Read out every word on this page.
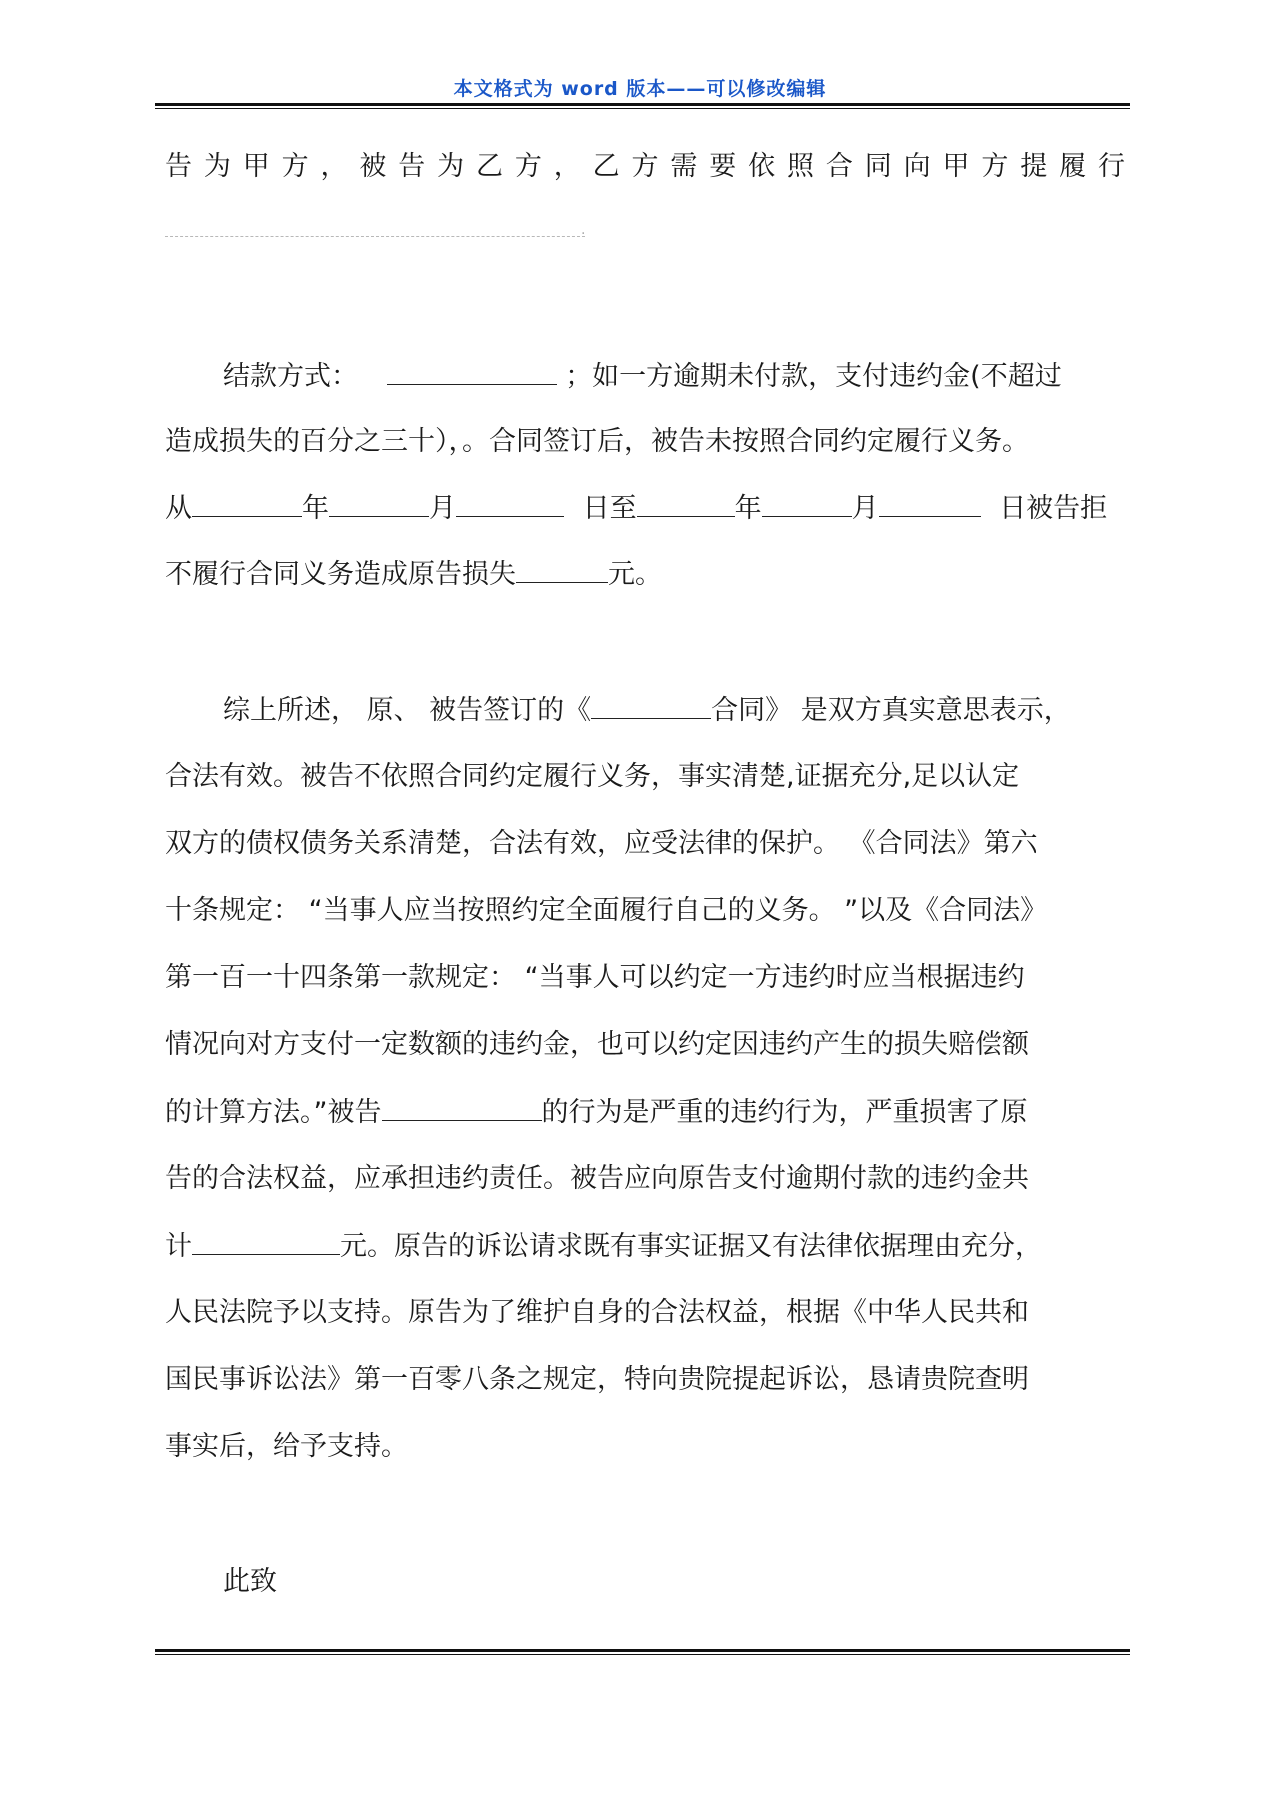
本文格式为 word 版本——可以修改编辑
告 为 甲 方 ， 被 告 为 乙 方 ， 乙 方 需 要 依 照 合 同 向 甲 方 提 履 行
·
结款方式：	；如一方逾期未付款，支付违约金(不超过
造成损失的百分之三十），。合同签订后，被告未按照合同约定履行义务。
从	年	月	日至	年	月	日被告拒
不履行合同义务造成原告损失	元。
综上所述， 原、 被告签订的《	合同》 是双方真实意思表示，
合法有效。被告不依照合同约定履行义务，事实清楚,证据充分,足以认定
双方的债权债务关系清楚，合法有效，应受法律的保护。 《合同法》第六
十条规定： “当事人应当按照约定全面履行自己的义务。 ”以及《合同法》
第一百一十四条第一款规定： “当事人可以约定一方违约时应当根据违约
情况向对方支付一定数额的违约金，也可以约定因违约产生的损失赔偿额
的计算方法。”被告	的行为是严重的违约行为，严重损害了原
告的合法权益，应承担违约责任。被告应向原告支付逾期付款的违约金共
计	元。原告的诉讼请求既有事实证据又有法律依据理由充分，
人民法院予以支持。原告为了维护自身的合法权益，根据《中华人民共和
国民事诉讼法》第一百零八条之规定，特向贵院提起诉讼，恳请贵院查明
事实后，给予支持。
此致
